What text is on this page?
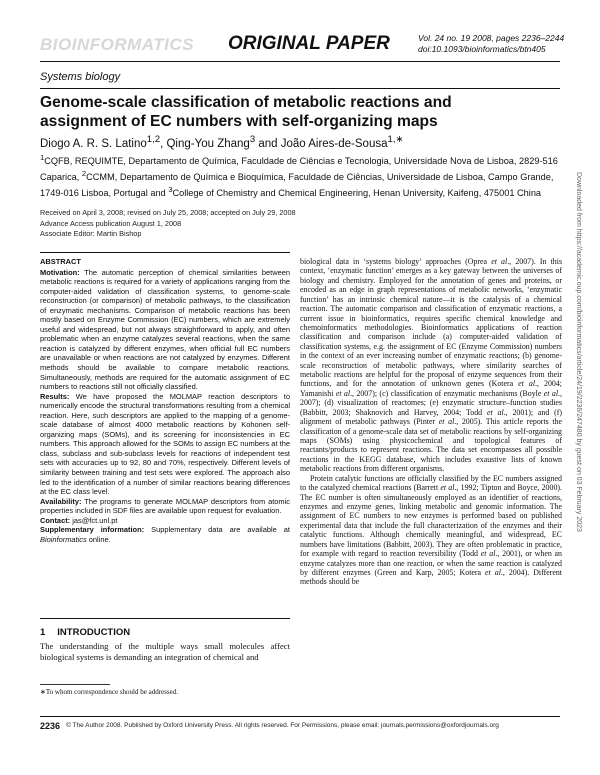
BIOINFORMATICS ORIGINAL PAPER	Vol. 24 no. 19 2008, pages 2236–2244
doi:10.1093/bioinformatics/btn405
Systems biology
Genome-scale classification of metabolic reactions and assignment of EC numbers with self-organizing maps
Diogo A. R. S. Latino$^{1,2}$, Qing-You Zhang$^3$ and João Aires-de-Sousa$^{1,∗}$
$^1$CQFB, REQUIMTE, Departamento de Química, Faculdade de Ciências e Tecnologia, Universidade Nova de Lisboa, 2829-516 Caparica, $^2$CCMM, Departamento de Química e Bioquímica, Faculdade de Ciências, Universidade de Lisboa, Campo Grande, 1749-016 Lisboa, Portugal and $^3$College of Chemistry and Chemical Engineering, Henan University, Kaifeng, 475001 China
Received on April 3, 2008; revised on July 25, 2008; accepted on July 29, 2008
Advance Access publication August 1, 2008
Associate Editor: Martin Bishop

ABSTRACT

Motivation: The automatic perception of chemical similarities between metabolic reactions is required for a variety of applications ranging from the computer-aided validation of classification systems, to genome-scale reconstruction (or comparison) of metabolic pathways, to the classification of enzymatic mechanisms. Comparison of metabolic reactions has been mostly based on Enzyme Commission (EC) numbers, which are extremely useful and widespread, but not always straightforward to apply, and often problematic when an enzyme catalyzes several reactions, when the same reaction is catalyzed by different enzymes, when official full EC numbers are unavailable or when reactions are not catalyzed by enzymes. Different methods should be available to compare metabolic reactions. Simultaneously, methods are required for the automatic assignment of EC numbers to reactions still not officially classified.

Results: We have proposed the MOLMAP reaction descriptors to numerically encode the structural transformations resulting from a chemical reaction. Here, such descriptors are applied to the mapping of a genome-scale database of almost 4000 metabolic reactions by Kohonen self-organizing maps (SOMs), and its screening for inconsistencies in EC numbers. This approach allowed for the SOMs to assign EC numbers at the class, subclass and sub-subclass levels for reactions of independent test sets with accuracies up to 92, 80 and 70%, respectively. Different levels of similarity between training and test sets were explored. The approach also led to the identification of a number of similar reactions bearing differences at the EC class level.

Availability: The programs to generate MOLMAP descriptors from atomic properties included in SDF files are available upon request for evaluation.

Contact: jas@fct.unl.pt

Supplementary information: Supplementary data are available at Bioinformatics online.

1 INTRODUCTION
The understanding of the multiple ways small molecules affect biological systems is demanding an integration of chemical and
∗To whom correspondence should be addressed.

biological data in ‘systems biology’ approaches (Oprea et al., 2007). In this context, ‘enzymatic function’ emerges as a key gateway between the universes of biology and chemistry. Employed for the annotation of genes and proteins, or encoded as an edge in graph representations of metabolic networks, ‘enzymatic function’ has an intrinsic chemical nature—it is the catalysis of a chemical reaction. The automatic comparison and classification of enzymatic reactions, a current issue in bioinformatics, requires specific chemical knowledge and chemoinformatics methodologies. Bioinformatics applications of reaction classification and comparison include (a) computer-aided validation of classification systems, e.g. the assignment of EC (Enzyme Commission) numbers in the context of an ever increasing number of enzymatic reactions; (b) genome-scale reconstruction of metabolic pathways, where similarity searches of metabolic reactions are helpful for the proposal of enzyme sequences from their functions, and for the annotation of unknown genes (Kotera et al., 2004; Yamanishi et al., 2007); (c) classification of enzymatic mechanisms (Boyle et al., 2007); (d) visualization of reactomes; (e) enzymatic structure–function studies (Babbitt, 2003; Shaknovich and Harvey, 2004; Todd et al., 2001); and (f) alignment of metabolic pathways (Pinter et al., 2005). This article reports the classification of a genome-scale data set of metabolic reactions by self-organizing maps (SOMs) using physicochemical and topological features of reactants/products to represent reactions. The data set encompasses all possible reactions in the KEGG database, which includes exaustive lists of known metabolic reactions from different organisms.

Protein catalytic functions are officially classified by the EC numbers assigned to the catalyzed chemical reactions (Barrett et al., 1992; Tipton and Boyce, 2000). The EC number is often simultaneously employed as an identifier of reactions, enzymes and enzyme genes, linking metabolic and genomic information. The assignment of EC numbers to new enzymes is performed based on published experimental data that include the full characterization of the enzymes and their catalytic functions. Although chemically meaningful, and widespread, EC numbers have limitations (Babbitt, 2003). They are often problematic in practice, for example with regard to reaction reversibility (Todd et al., 2001), or when an enzyme catalyzes more than one reaction, or when the same reaction is catalyzed by different enzymes (Green and Karp, 2005; Kotera et al., 2004). Different methods should be

2236 © The Author 2008. Published by Oxford University Press. All rights reserved. For Permissions, please email: journals.permissions@oxfordjournals.org
Downloaded from https://academic.oup.com/bioinformatics/article/24/19/2236/247480 by guest on 03 February 2023
